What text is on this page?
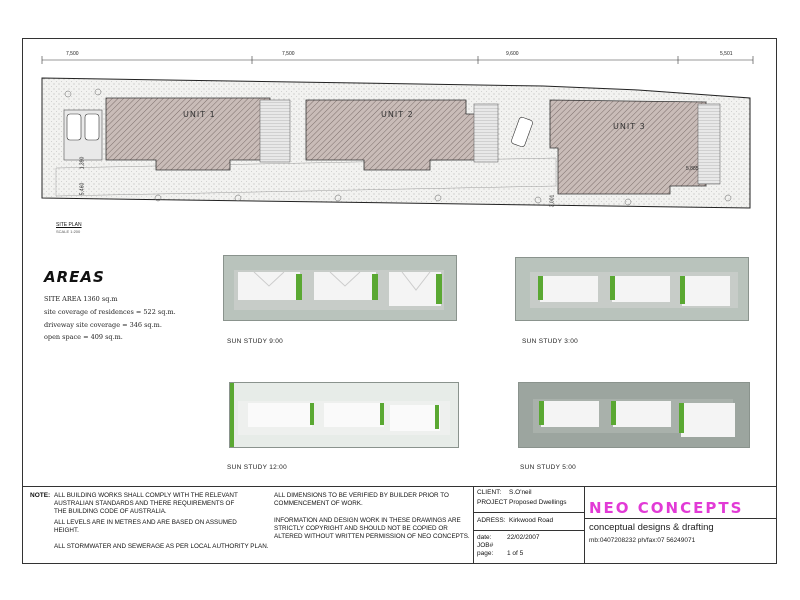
7,500	7,500	9,600	5,501
1,390
5,460
5,885
3,001
UNIT 1	UNIT 2
UNIT 3
SITE PLAN
SCALE 1:200
AREAS
SITE AREA 1360 sq.m
site coverage of residences = 522 sq.m.
driveway site coverage = 346 sq.m.
open space = 409 sq.m.
SUN STUDY 9:00	SUN STUDY 3:00
SUN STUDY 12:00	SUN STUDY 5:00
NOTE: ALL BUILDING WORKS SHALL COMPLY WITH THE RELEVANT AUSTRALIAN STANDARDS AND THERE REQUIREMENTS OF THE BUILDING CODE OF AUSTRALIA.
ALL LEVELS ARE IN METRES AND ARE BASED ON ASSUMED HEIGHT.
ALL STORMWATER AND SEWERAGE AS PER LOCAL AUTHORITY PLAN.
ALL DIMENSIONS TO BE VERIFIED BY BUILDER PRIOR TO COMMENCEMENT OF WORK.
INFORMATION AND DESIGN WORK IN THESE DRAWINGS ARE STRICTLY COPYRIGHT AND SHOULD NOT BE COPIED OR ALTERED WITHOUT WRITTEN PERMISSION OF NEO CONCEPTS.
CLIENT: S.O'neil
PROJECT Proposed Dwellings
ADRESS: Kirkwood Road
date: 22/02/2007
JOB#
page: 1 of 5
NEO CONCEPTS
conceptual designs & drafting
mb:0407208232 ph/fax:07 56249071
